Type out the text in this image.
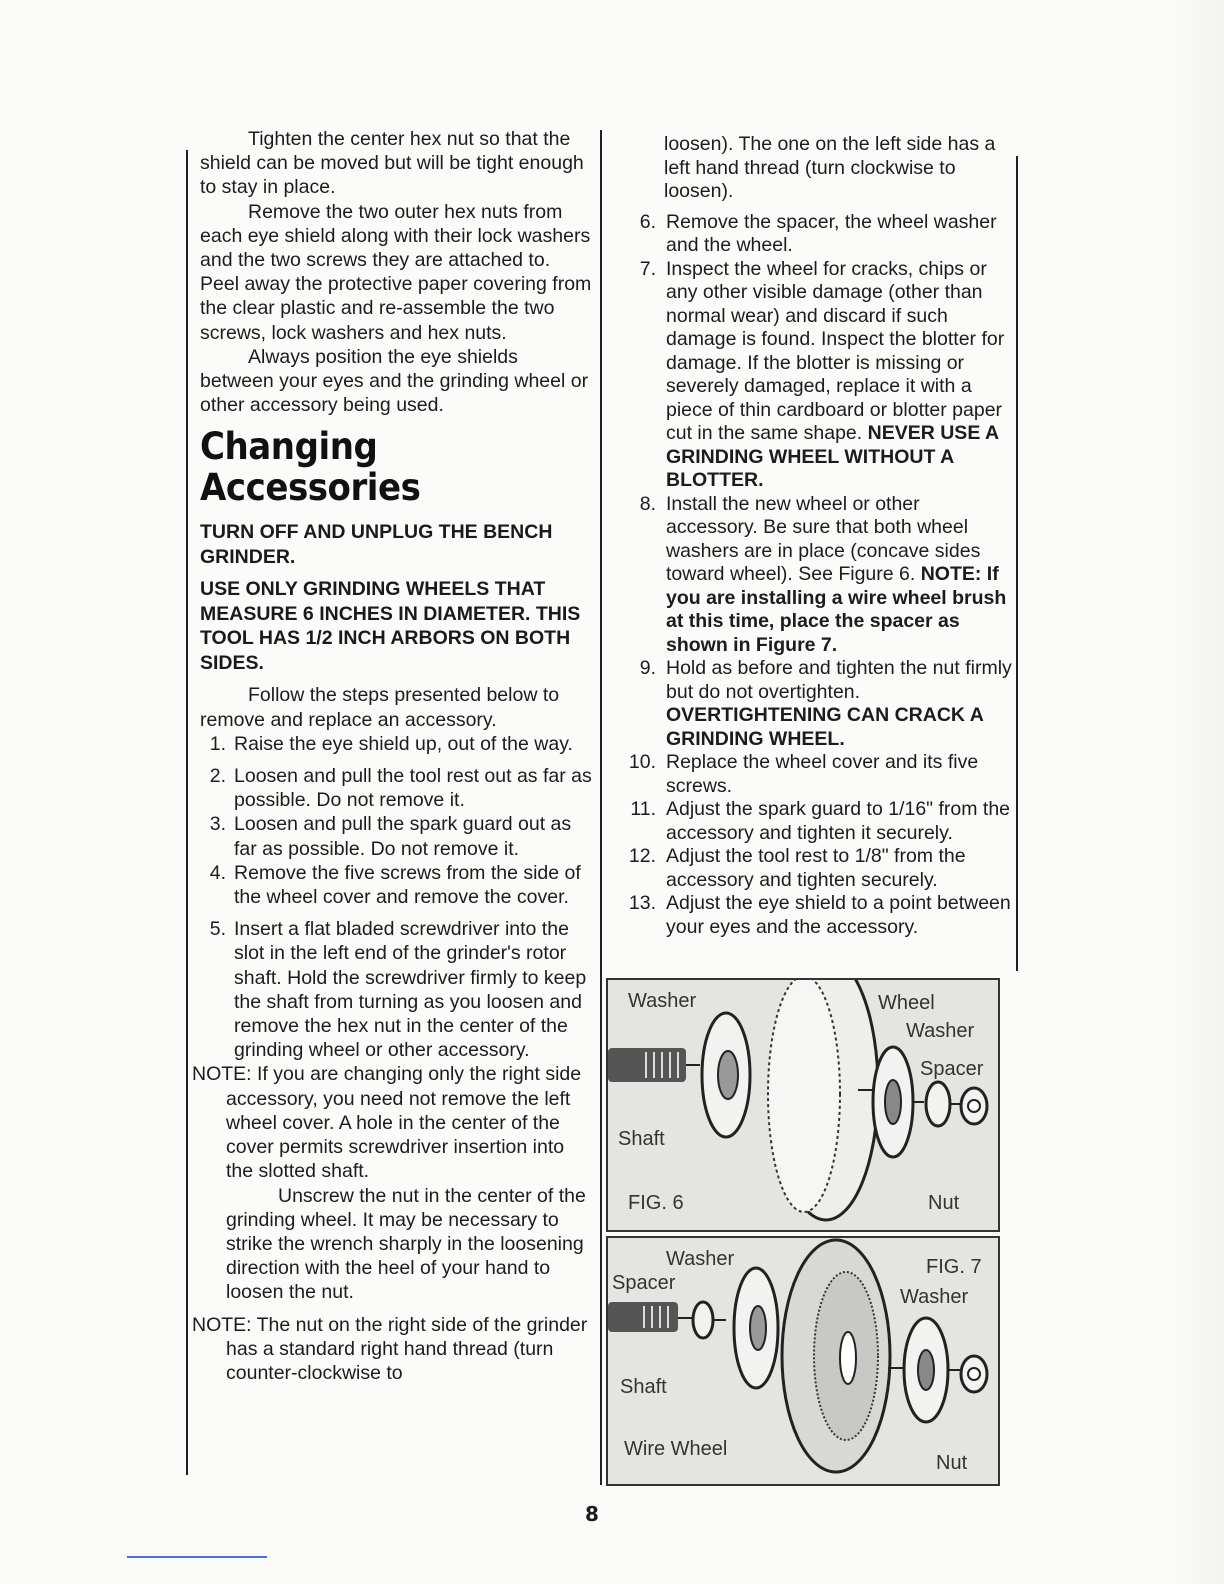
Tighten the center hex nut so that the shield can be moved but will be tight enough to stay in place.

Remove the two outer hex nuts from each eye shield along with their lock washers and the two screws they are attached to. Peel away the protective paper covering from the clear plastic and re-assemble the two screws, lock washers and hex nuts.

Always position the eye shields between your eyes and the grinding wheel or other accessory being used.

Changing

Accessories

TURN OFF AND UNPLUG THE BENCH GRINDER.

USE ONLY GRINDING WHEELS THAT MEASURE 6 INCHES IN DIAMETER. THIS TOOL HAS 1/2 INCH ARBORS ON BOTH SIDES.

Follow the steps presented below to remove and replace an accessory.

1. Raise the eye shield up, out of the way.
2. Loosen and pull the tool rest out as far as possible. Do not remove it.
3. Loosen and pull the spark guard out as far as possible. Do not remove it.
4. Remove the five screws from the side of the wheel cover and remove the cover.
5. Insert a flat bladed screwdriver into the slot in the left end of the grinder's rotor shaft. Hold the screwdriver firmly to keep the shaft from turning as you loosen and remove the hex nut in the center of the grinding wheel or other accessory.

NOTE: If you are changing only the right side accessory, you need not remove the left wheel cover. A hole in the center of the cover permits screwdriver insertion into the slotted shaft.

Unscrew the nut in the center of the grinding wheel. It may be necessary to strike the wrench sharply in the loosening direction with the heel of your hand to loosen the nut.

NOTE: The nut on the right side of the grinder has a standard right hand thread (turn counter-clockwise to

loosen). The one on the left side has a left hand thread (turn clockwise to loosen).

6. Remove the spacer, the wheel washer and the wheel.
7. Inspect the wheel for cracks, chips or any other visible damage (other than normal wear) and discard if such damage is found. Inspect the blotter for damage. If the blotter is missing or severely damaged, replace it with a piece of thin cardboard or blotter paper cut in the same shape. NEVER USE A GRINDING WHEEL WITHOUT A BLOTTER.
8. Install the new wheel or other accessory. Be sure that both wheel washers are in place (concave sides toward wheel). See Figure 6. NOTE: If you are installing a wire wheel brush at this time, place the spacer as shown in Figure 7.
9. Hold as before and tighten the nut firmly but do not overtighten. OVERTIGHTENING CAN CRACK A GRINDING WHEEL.
10. Replace the wheel cover and its five screws.
11. Adjust the spark guard to 1/16" from the accessory and tighten it securely.
12. Adjust the tool rest to 1/8" from the accessory and tighten securely.
13. Adjust the eye shield to a point between your eyes and the accessory.
Washer	Wheel
Washer
Spacer
Shaft
FIG. 6	Nut
Washer
Spacer
FIG. 7
Washer
Shaft
Wire Wheel
Nut
8
